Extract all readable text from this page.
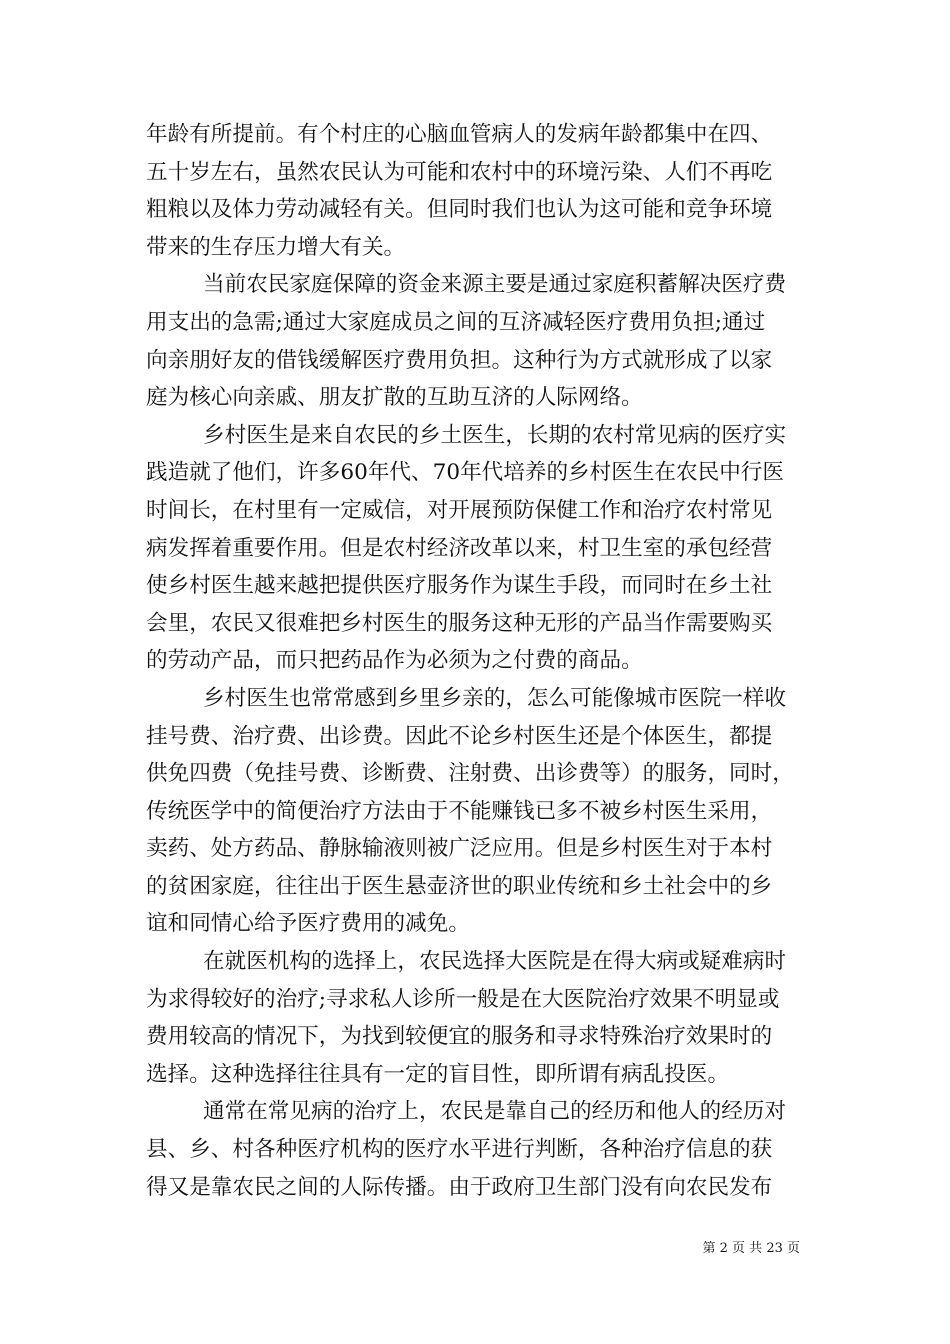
年龄有所提前。有个村庄的心脑血管病人的发病年龄都集中在四、
五十岁左右，虽然农民认为可能和农村中的环境污染、人们不再吃
粗粮以及体力劳动减轻有关。但同时我们也认为这可能和竞争环境
带来的生存压力增大有关。
当前农民家庭保障的资金来源主要是通过家庭积蓄解决医疗费
用支出的急需;通过大家庭成员之间的互济减轻医疗费用负担;通过
向亲朋好友的借钱缓解医疗费用负担。这种行为方式就形成了以家
庭为核心向亲戚、朋友扩散的互助互济的人际网络。
乡村医生是来自农民的乡土医生，长期的农村常见病的医疗实
践造就了他们，许多60年代、70年代培养的乡村医生在农民中行医
时间长，在村里有一定威信，对开展预防保健工作和治疗农村常见
病发挥着重要作用。但是农村经济改革以来，村卫生室的承包经营
使乡村医生越来越把提供医疗服务作为谋生手段，而同时在乡土社
会里，农民又很难把乡村医生的服务这种无形的产品当作需要购买
的劳动产品，而只把药品作为必须为之付费的商品。
乡村医生也常常感到乡里乡亲的，怎么可能像城市医院一样收
挂号费、治疗费、出诊费。因此不论乡村医生还是个体医生，都提
供免四费（免挂号费、诊断费、注射费、出诊费等）的服务，同时，
传统医学中的简便治疗方法由于不能赚钱已多不被乡村医生采用，
卖药、处方药品、静脉输液则被广泛应用。但是乡村医生对于本村
的贫困家庭，往往出于医生悬壶济世的职业传统和乡土社会中的乡
谊和同情心给予医疗费用的减免。
在就医机构的选择上，农民选择大医院是在得大病或疑难病时
为求得较好的治疗;寻求私人诊所一般是在大医院治疗效果不明显或
费用较高的情况下，为找到较便宜的服务和寻求特殊治疗效果时的
选择。这种选择往往具有一定的盲目性，即所谓有病乱投医。
通常在常见病的治疗上，农民是靠自己的经历和他人的经历对
县、乡、村各种医疗机构的医疗水平进行判断，各种治疗信息的获
得又是靠农民之间的人际传播。由于政府卫生部门没有向农民发布
第 2 页 共 23 页
